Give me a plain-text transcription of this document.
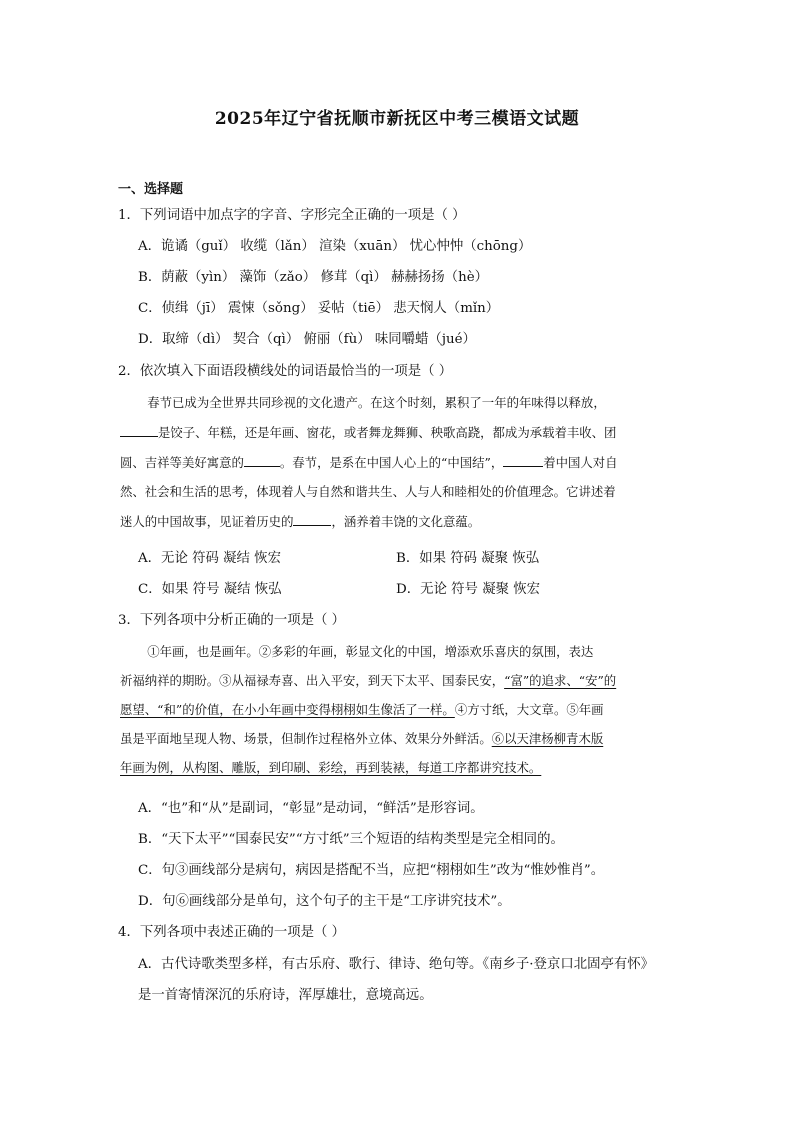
2025年辽宁省抚顺市新抚区中考三模语文试题
一、选择题
1．下列词语中加点字的字音、字形完全正确的一项是（ ）
A．诡谲（guǐ） 收缆（lǎn） 渲染（xuān） 忧心忡忡（chōng）
B．荫蔽（yìn） 藻饰（zǎo） 修茸（qì） 赫赫扬扬（hè）
C．侦缉（jī） 震悚（sǒng） 妥帖（tiē） 悲天悯人（mǐn）
D．取缔（dì） 契合（qì） 俯丽（fù） 味同嚼蜡（jué）
2．依次填入下面语段横线处的词语最恰当的一项是（ ）

春节已成为全世界共同珍视的文化遗产。在这个时刻，累积了一年的年味得以释放，

是饺子、年糕，还是年画、窗花，或者舞龙舞狮、秧歌高跷，都成为承载着丰收、团

圆、吉祥等美好寓意的	。春节，是系在中国人心上的“中国结”，	着中国人对自

然、社会和生活的思考，体现着人与自然和谐共生、人与人和睦相处的价值理念。它讲述着

迷人的中国故事，见证着历史的	，涵养着丰饶的文化意蕴。

A．无论 符码 凝结 恢宏	B．如果 符码 凝聚 恢弘
C．如果 符号 凝结 恢弘	D．无论 符号 凝聚 恢宏
3．下列各项中分析正确的一项是（ ）

①年画，也是画年。②多彩的年画，彰显文化的中国，增添欢乐喜庆的氛围，表达

祈福纳祥的期盼。③从福禄寿喜、出入平安，到天下太平、国泰民安，“富”的追求、“安”的

愿望、“和”的价值，在小小年画中变得栩栩如生像活了一样。④方寸纸，大文章。⑤年画

虽是平面地呈现人物、场景，但制作过程格外立体、效果分外鲜活。⑥以天津杨柳青木版

年画为例，从构图、雕版，到印刷、彩绘，再到装裱，每道工序都讲究技术。

A．“也”和“从”是副词，“彰显”是动词，“鲜活”是形容词。
B．“天下太平”“国泰民安”“方寸纸”三个短语的结构类型是完全相同的。
C．句③画线部分是病句，病因是搭配不当，应把“栩栩如生”改为“惟妙惟肖”。
D．句⑥画线部分是单句，这个句子的主干是“工序讲究技术”。
4．下列各项中表述正确的一项是（ ）
A．古代诗歌类型多样，有古乐府、歌行、律诗、绝句等。《南乡子·登京口北固亭有怀》
是一首寄情深沉的乐府诗，浑厚雄壮，意境高远。
